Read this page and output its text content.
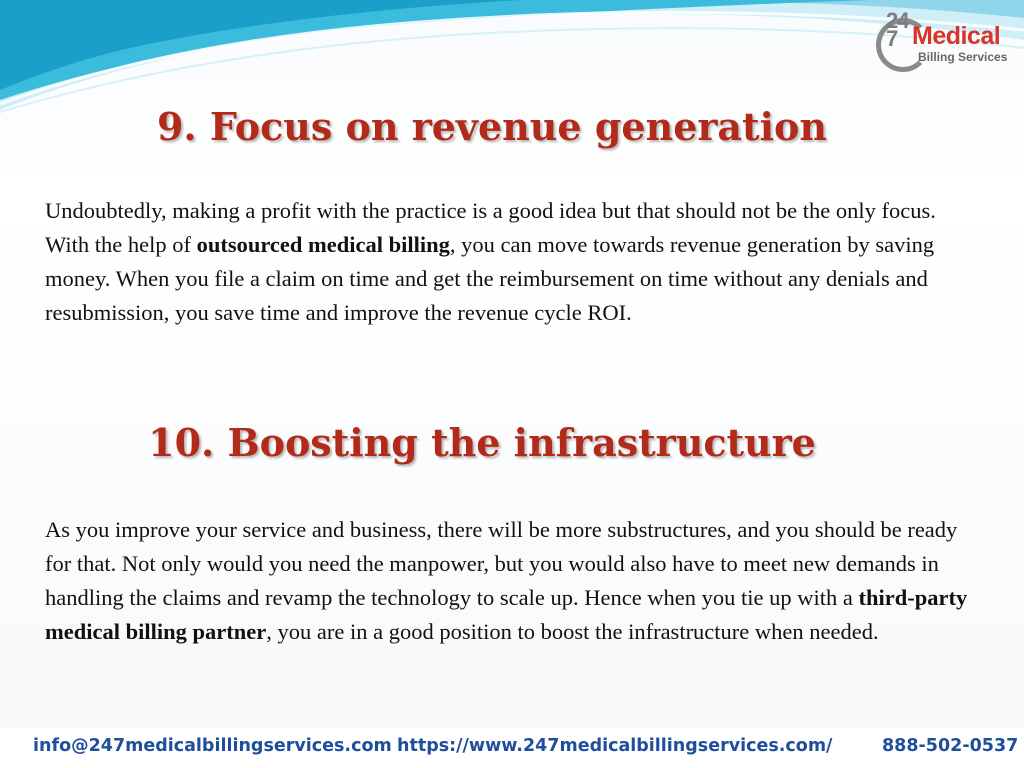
24
7 Medical
Billing Services
9. Focus on revenue generation

Undoubtedly, making a profit with the practice is a good idea but that should not be the only focus. With the help of outsourced medical billing, you can move towards revenue generation by saving money. When you file a claim on time and get the reimbursement on time without any denials and resubmission, you save time and improve the revenue cycle ROI.

10. Boosting the infrastructure

As you improve your service and business, there will be more substructures, and you should be ready for that. Not only would you need the manpower, but you would also have to meet new demands in handling the claims and revamp the technology to scale up. Hence when you tie up with a third-party medical billing partner, you are in a good position to boost the infrastructure when needed.

info@247medicalbillingservices.com https://www.247medicalbillingservices.com/	888-502-0537
